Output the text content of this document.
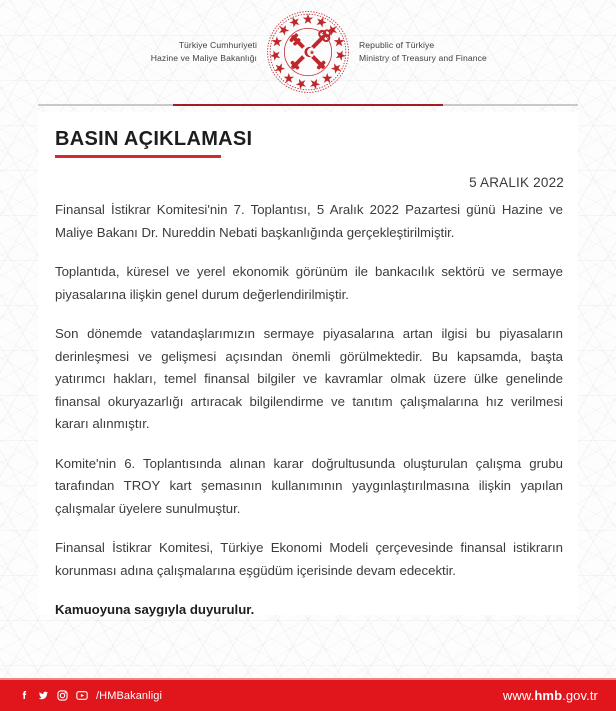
Türkiye Cumhuriyeti
Hazine ve Maliye Bakanlığı
Republic of Türkiye
Ministry of Treasury and Finance
BASIN AÇIKLAMASI
5 ARALIK 2022

Finansal İstikrar Komitesi'nin 7. Toplantısı, 5 Aralık 2022 Pazartesi günü Hazine ve Maliye Bakanı Dr. Nureddin Nebati başkanlığında gerçekleştirilmiştir.

Toplantıda, küresel ve yerel ekonomik görünüm ile bankacılık sektörü ve sermaye piyasalarına ilişkin genel durum değerlendirilmiştir.

Son dönemde vatandaşlarımızın sermaye piyasalarına artan ilgisi bu piyasaların derinleşmesi ve gelişmesi açısından önemli görülmektedir. Bu kapsamda, başta yatırımcı hakları, temel finansal bilgiler ve kavramlar olmak üzere ülke genelinde finansal okuryazarlığı artıracak bilgilendirme ve tanıtım çalışmalarına hız verilmesi kararı alınmıştır.

Komite'nin 6. Toplantısında alınan karar doğrultusunda oluşturulan çalışma grubu tarafından TROY kart şemasının kullanımının yaygınlaştırılmasına ilişkin yapılan çalışmalar üyelere sunulmuştur.

Finansal İstikrar Komitesi, Türkiye Ekonomi Modeli çerçevesinde finansal istikrarın korunması adına çalışmalarına eşgüdüm içerisinde devam edecektir.

Kamuoyuna saygıyla duyurulur.

/HMBakanligi	www.hmb.gov.tr
